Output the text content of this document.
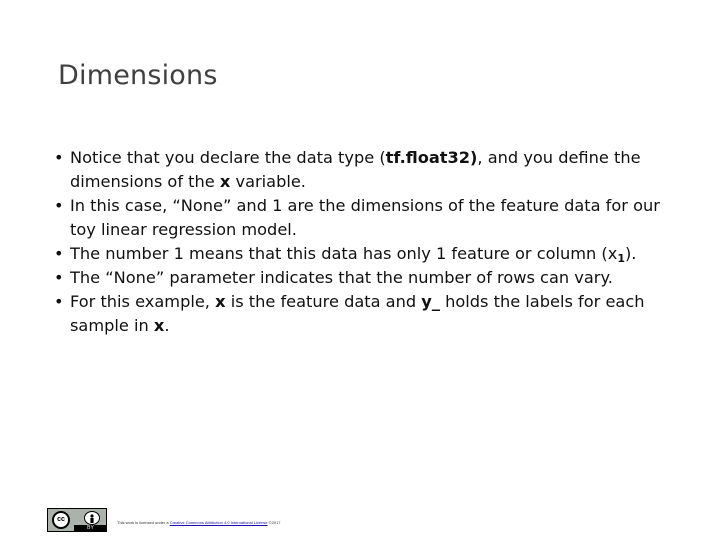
Dimensions
• Notice that you declare the data type (tf.float32), and you define the dimensions of the x variable.
• In this case, “None” and 1 are the dimensions of the feature data for our toy linear regression model.
• The number 1 means that this data has only 1 feature or column $(x_1)$.
• The “None” parameter indicates that the number of rows can vary.
• For this example, x is the feature data and y_ holds the labels for each sample in x.
cc
BY
This work is licensed under a Creative Commons Attribution 4.0 International License ©2017
